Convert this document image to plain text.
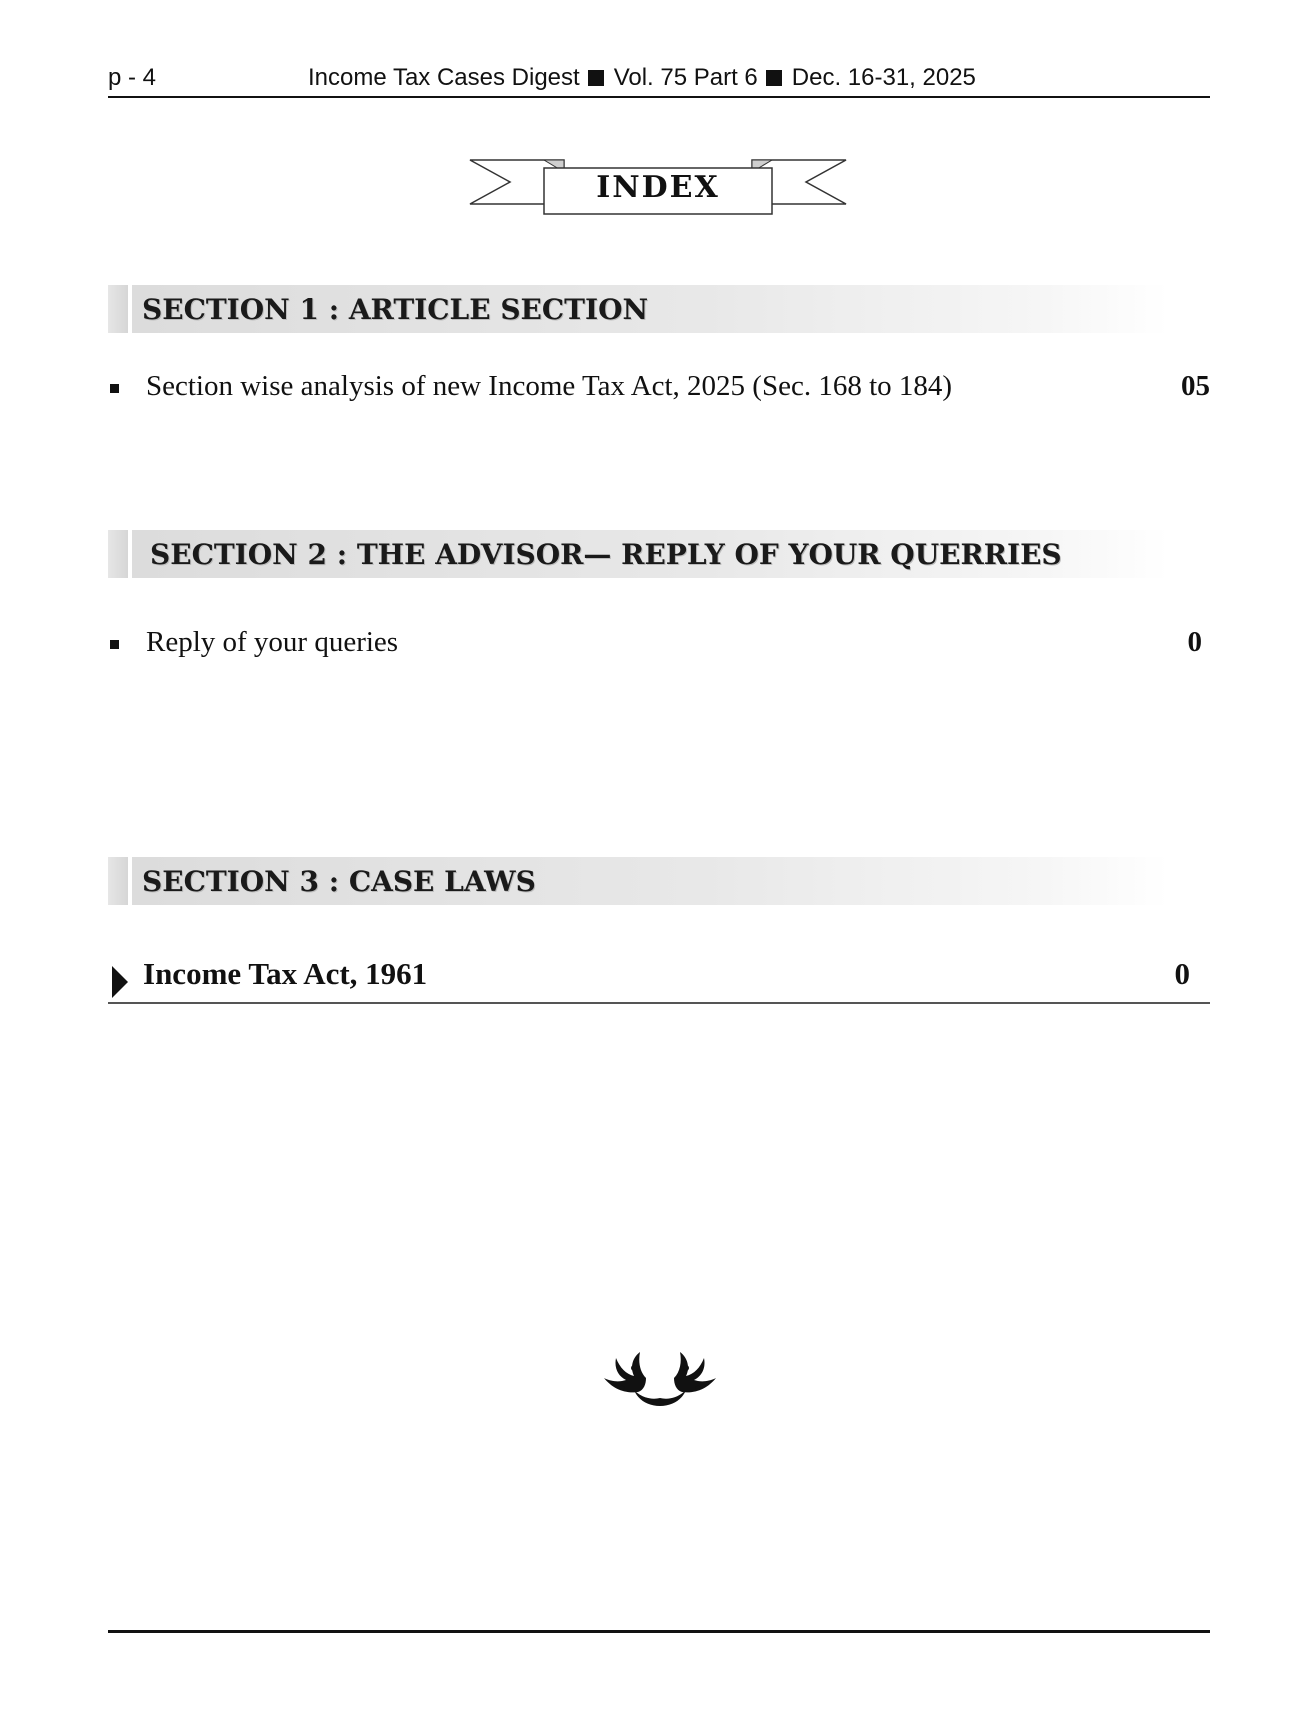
p - 4	Income Tax Cases Digest Vol. 75 Part 6 Dec. 16-31, 2025
INDEX
SECTION 1 : ARTICLE SECTION
Section wise analysis of new Income Tax Act, 2025 (Sec. 168 to 184)	05
SECTION 2 : THE ADVISOR— REPLY OF YOUR QUERRIES
Reply of your queries	0
SECTION 3 : CASE LAWS
Income Tax Act, 1961	0
